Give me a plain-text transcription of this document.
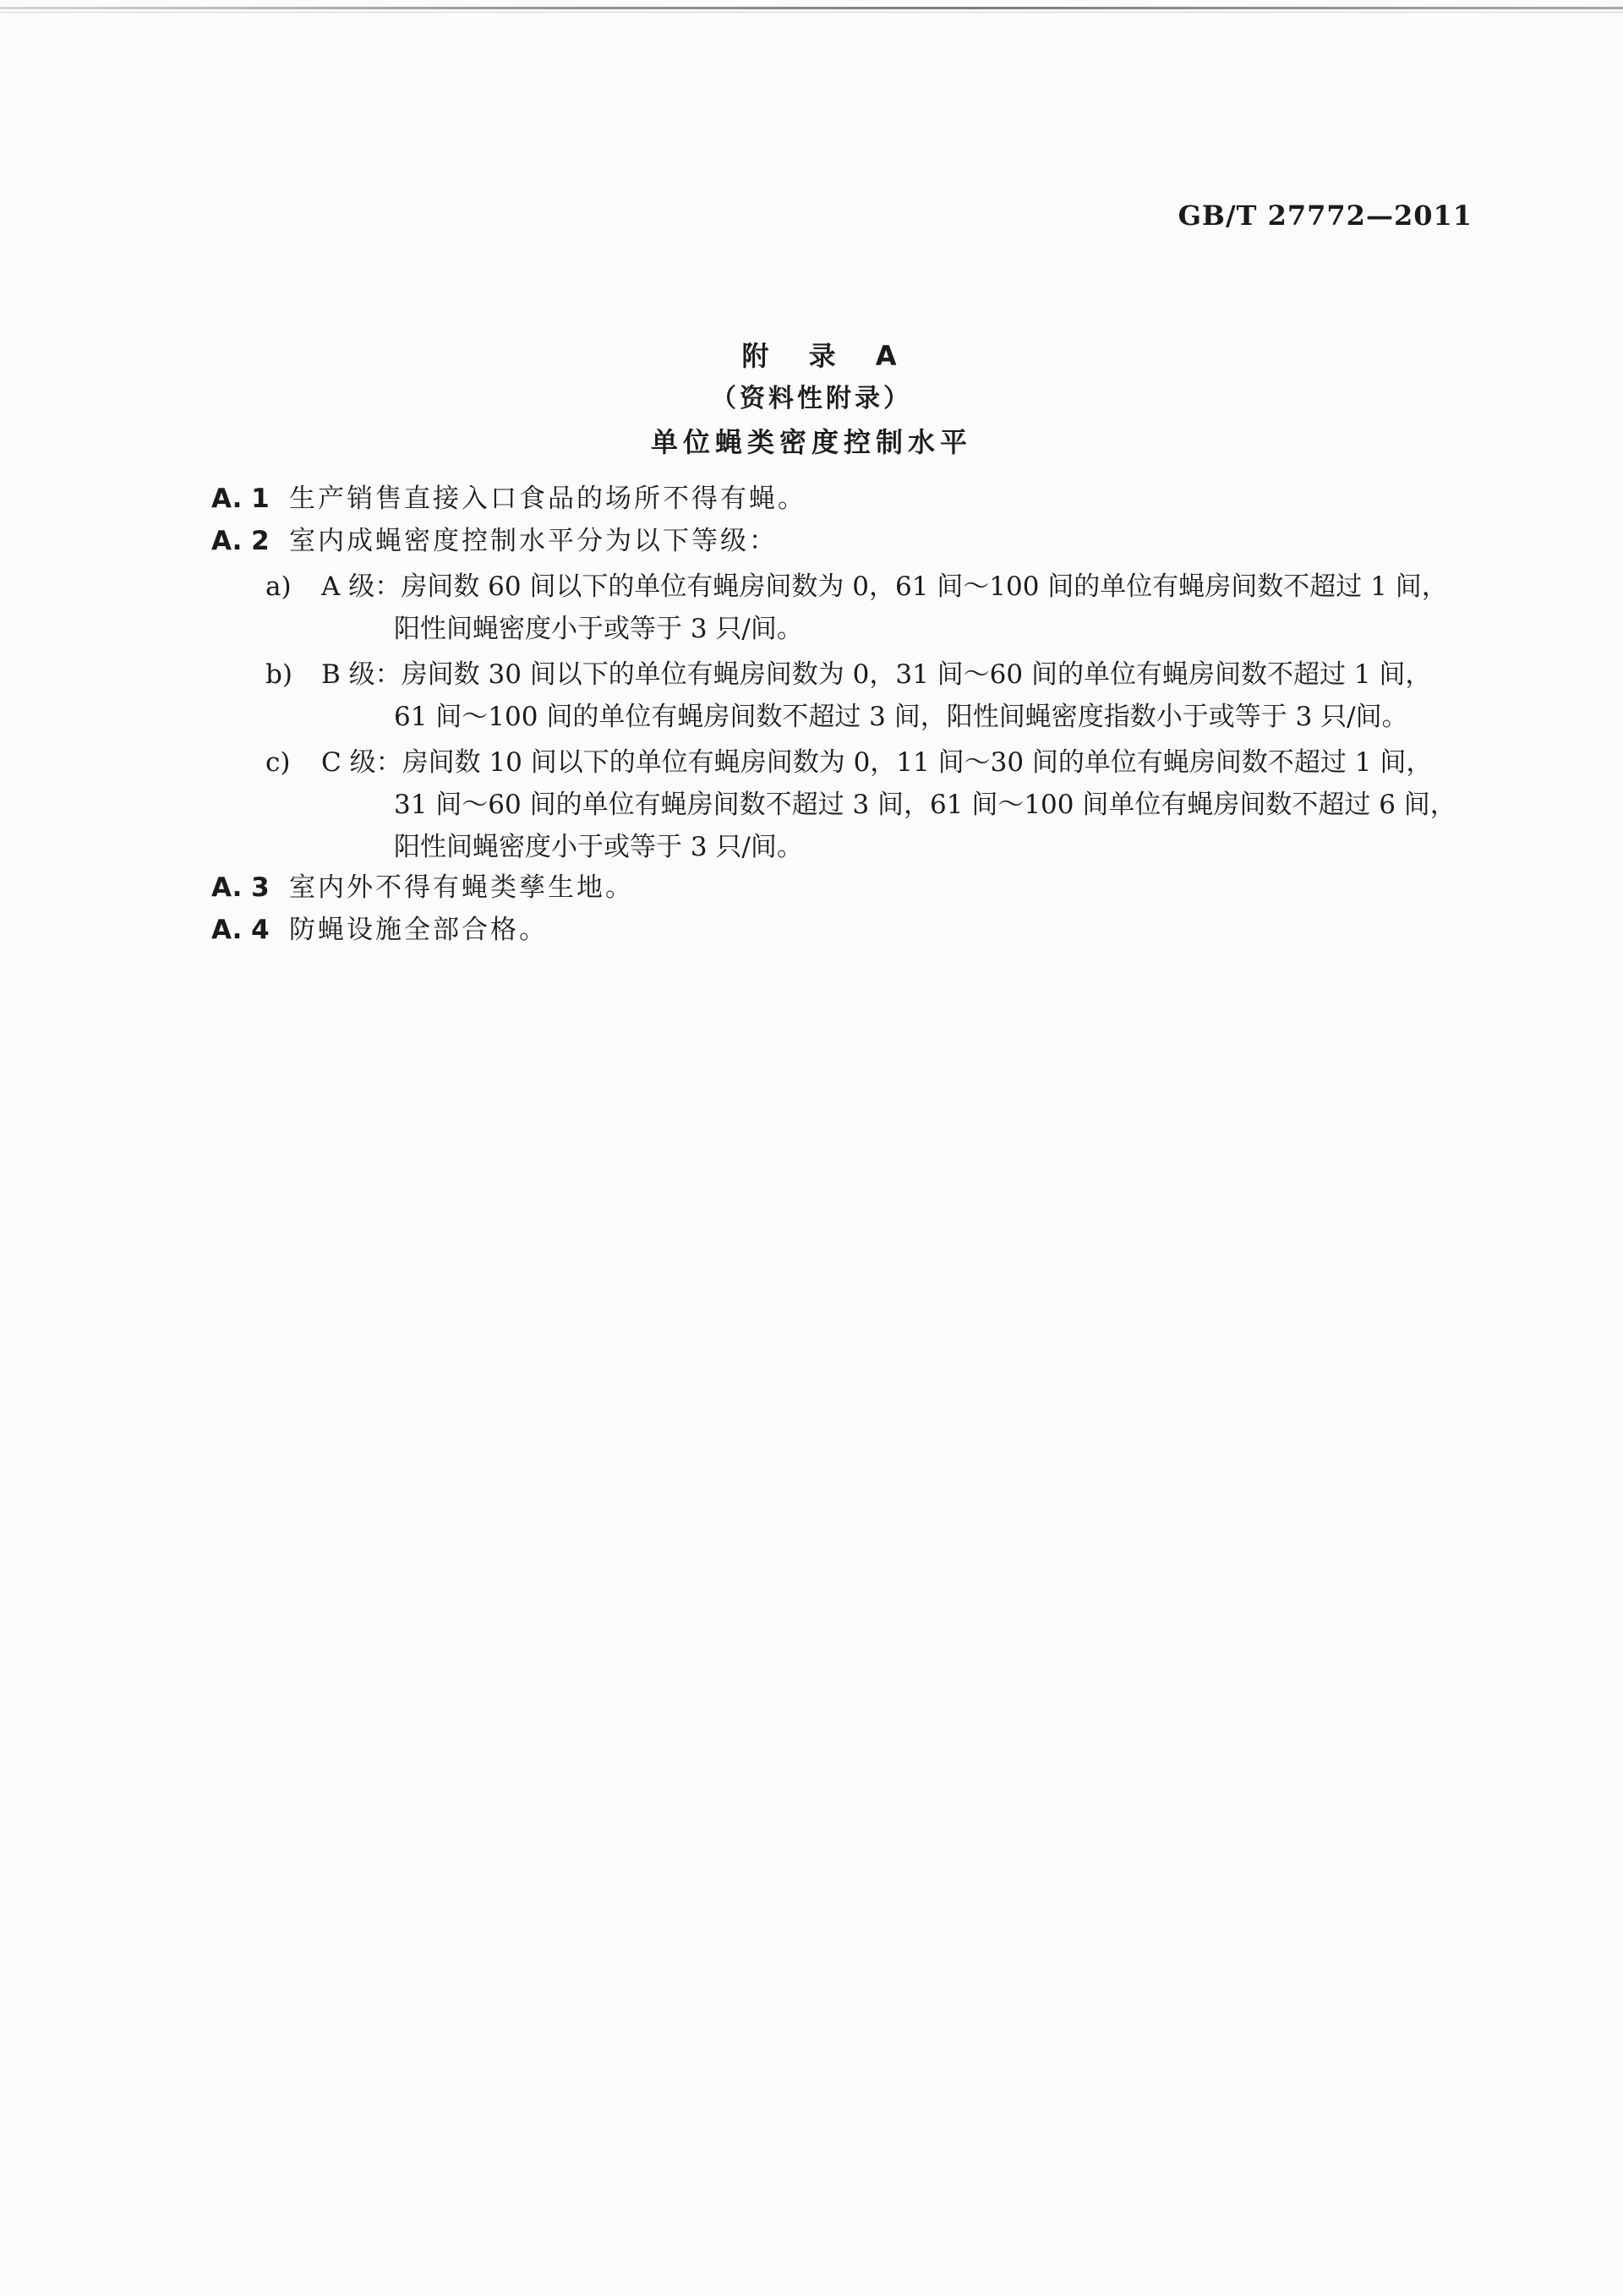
GB/T 27772—2011
附 录 A
（资料性附录）
单位蝇类密度控制水平
A. 1 生产销售直接入口食品的场所不得有蝇。
A. 2 室内成蝇密度控制水平分为以下等级：
a) A 级：房间数 60 间以下的单位有蝇房间数为 0，61 间～100 间的单位有蝇房间数不超过 1 间，
阳性间蝇密度小于或等于 3 只/间。
b) B 级：房间数 30 间以下的单位有蝇房间数为 0，31 间～60 间的单位有蝇房间数不超过 1 间，
61 间～100 间的单位有蝇房间数不超过 3 间，阳性间蝇密度指数小于或等于 3 只/间。
c) C 级：房间数 10 间以下的单位有蝇房间数为 0，11 间～30 间的单位有蝇房间数不超过 1 间，
31 间～60 间的单位有蝇房间数不超过 3 间，61 间～100 间单位有蝇房间数不超过 6 间，
阳性间蝇密度小于或等于 3 只/间。
A. 3 室内外不得有蝇类孳生地。
A. 4 防蝇设施全部合格。
